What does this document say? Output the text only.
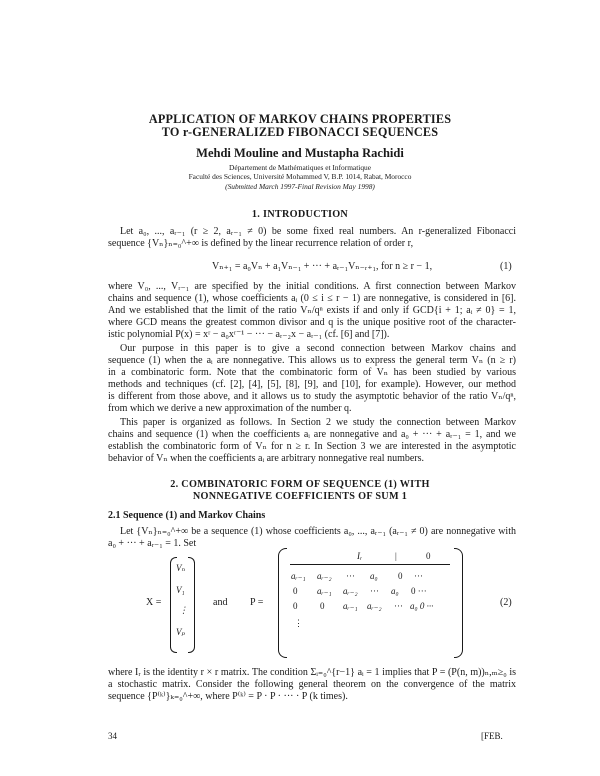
APPLICATION OF MARKOV CHAINS PROPERTIES
TO r-GENERALIZED FIBONACCI SEQUENCES
Mehdi Mouline and Mustapha Rachidi
Département de Mathématiques et Informatique
Faculté des Sciences, Université Mohammed V, B.P. 1014, Rabat, Morocco
(Submitted March 1997-Final Revision May 1998)
1. INTRODUCTION
Let a₀, ..., aᵣ₋₁ (r ≥ 2, aᵣ₋₁ ≠ 0) be some fixed real numbers. An r-generalized Fibonacci
sequence {Vₙ}ₙ₌₀^+∞ is defined by the linear recurrence relation of order r,
Vₙ₊₁ = a₀Vₙ + a₁Vₙ₋₁ + ··· + aᵣ₋₁Vₙ₋ᵣ₊₁, for n ≥ r − 1,	(1)
where V₀, ..., Vᵣ₋₁ are specified by the initial conditions. A first connection between Markov
chains and sequence (1), whose coefficients aᵢ (0 ≤ i ≤ r − 1) are nonnegative, is considered in [6].
And we established that the limit of the ratio Vₙ/qⁿ exists if and only if GCD{i + 1; aᵢ ≠ 0} = 1,
where GCD means the greatest common divisor and q is the unique positive root of the character-
istic polynomial P(x) = xʳ − a₀xʳ⁻¹ − ··· − aᵣ₋₂x − aᵣ₋₁ (cf. [6] and [7]).
Our purpose in this paper is to give a second connection between Markov chains and
sequence (1) when the aᵢ are nonnegative. This allows us to express the general term Vₙ (n ≥ r)
in a combinatoric form. Note that the combinatoric form of Vₙ has been studied by various
methods and techniques (cf. [2], [4], [5], [8], [9], and [10], for example). However, our method
is different from those above, and it allows us to study the asymptotic behavior of the ratio Vₙ/qⁿ,
from which we derive a new approximation of the number q.
This paper is organized as follows. In Section 2 we study the connection between Markov
chains and sequence (1) when the coefficients aᵢ are nonnegative and a₀ + ··· + aᵣ₋₁ = 1, and we
establish the combinatoric form of Vₙ for n ≥ r. In Section 3 we are interested in the asymptotic
behavior of Vₙ when the coefficients aᵢ are arbitrary nonnegative real numbers.
2. COMBINATORIC FORM OF SEQUENCE (1) WITH
NONNEGATIVE COEFFICIENTS OF SUM 1
2.1 Sequence (1) and Markov Chains
Let {Vₙ}ₙ₌₀^+∞ be a sequence (1) whose coefficients a₀, ..., aᵣ₋₁ (aᵣ₋₁ ≠ 0) are nonnegative with
a₀ + ··· + aᵣ₋₁ = 1. Set
X =
Vₙ
V₁
⋮
Vₚ
and P =
Iᵣ	|	0
aᵣ₋₁ aᵣ₋₂ ··· a₀ 0 ···
0 aᵣ₋₁ aᵣ₋₂ ··· a₀ 0 ···
0	0 aᵣ₋₁ aᵣ₋₂ ··· a₀ 0 ···
⋮
(2)
where Iᵣ is the identity r × r matrix. The condition Σᵢ₌₀^{r−1} aᵢ = 1 implies that P = (P(n, m))ₙ,ₘ≥₀ is
a stochastic matrix. Consider the following general theorem on the convergence of the matrix
sequence {P⁽ᵏ⁾}ₖ₌₀^+∞, where P⁽ᵏ⁾ = P · P · ··· · P (k times).
34	[FEB.
